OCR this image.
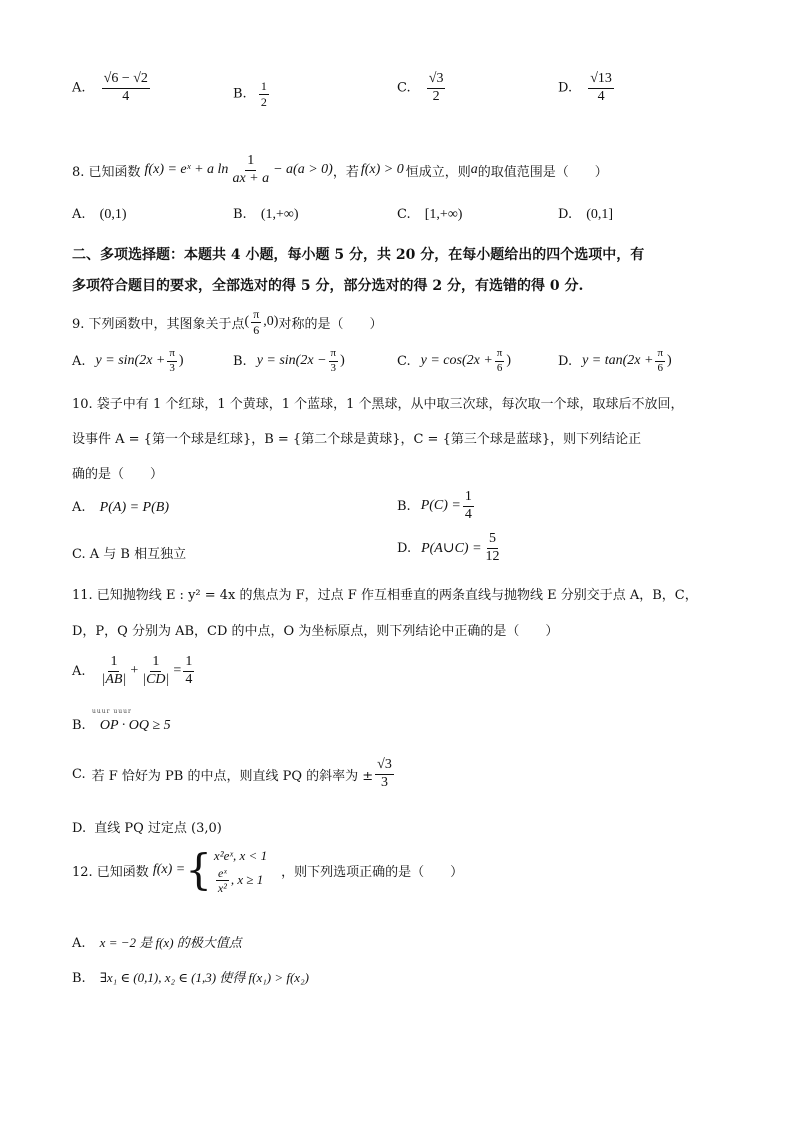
A. $\frac{√6 - √2}{4}$	B. $\frac{1}{2}$	C. $\frac{√3}{2}$	D. $\frac{√13}{4}$
8. 已知函数 f(x) = eˣ + a $\ln \frac{1}{ax + a} - a(a > 0)$ ，若 f(x) > 0 恒成立，则 a 的取值范围是（　　）
A. (0,1)	B. (1,+∞)	C. [1,+∞)	D. (0,1]
二、多项选择题：本题共 4 小题，每小题 5 分，共 20 分，在每小题给出的四个选项中，有
多项符合题目的要求，全部选对的得 5 分，部分选对的得 2 分，有选错的得 0 分.
9. 下列函数中，其图象关于点 ( $\frac{\pi}{6} ,0$) 对称的是（　　）
A. $y = \sin(2x + \frac{\pi}{3}$ )	B. $y = \sin(2x - \frac{\pi}{3}$ )	C. $y = \cos(2x + \frac{\pi}{6}$ )	D. $y = \tan(2x + \frac{\pi}{6}$ )
10. 袋子中有 1 个红球，1 个黄球，1 个蓝球，1 个黑球，从中取三次球，每次取一个球，取球后不放回，
设事件 A = {第一个球是红球}，B = {第二个球是黄球}，C = {第三个球是蓝球}，则下列结论正
确的是（　　）
A. P(A) = P(B)	B. $P(C) = \frac{1}{4}$
C. A 与 B 相互独立	D. P(A∪C) = $\frac{5}{12}$
11. 已知抛物线 E : y² = 4x 的焦点为 F，过点 F 作互相垂直的两条直线与抛物线 E 分别交于点 A，B，C，
D，P，Q 分别为 AB，CD 的中点，O 为坐标原点，则下列结论中正确的是（　　）
A. $\frac{1}{|AB|} + \frac{1}{|CD|} = \frac{1}{4}$
uuur uuur
B. OP · OQ ≥ 5
C. 若 F 恰好为 PB 的中点，则直线 PQ 的斜率为 ± $\frac{√3}{3}$
D. 直线 PQ 过定点 (3,0)
12. 已知函数 f(x) = { x²eˣ, x < 1
$\frac{\text{eˣ}}{\text{x²}}$ , x ≥ 1 ，则下列选项正确的是（　　）
A. x = −2 是 f(x) 的极大值点
B. ∃x₁ ∈ (0,1), x₂ ∈ (1,3) 使得 f(x₁) > f(x₂)
